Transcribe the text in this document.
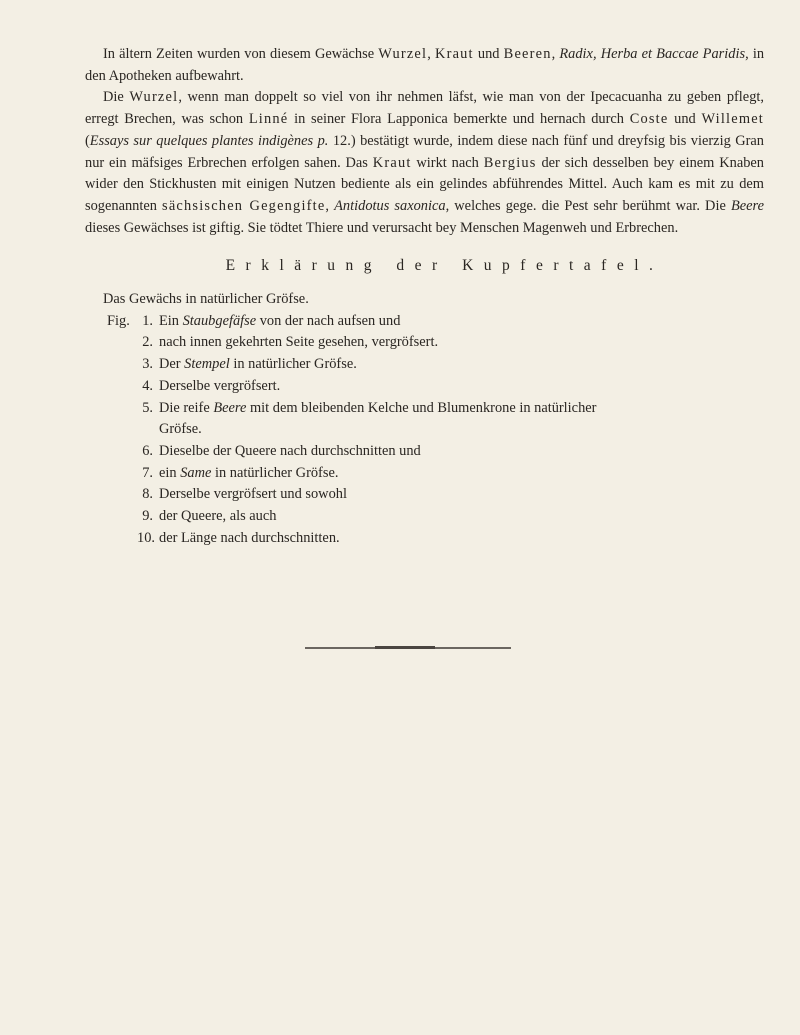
In ältern Zeiten wurden von diesem Gewächse Wurzel, Kraut und Beeren, Radix, Herba et Baccae Paridis, in den Apotheken aufbewahrt.

Die Wurzel, wenn man doppelt so viel von ihr nehmen läfst, wie man von der Ipecacuanha zu geben pflegt, erregt Brechen, was schon Linné in seiner Flora Lapponica bemerkte und hernach durch Coste und Willemet (Essays sur quelques plantes indigènes p. 12.) bestätigt wurde, indem diese nach fünf und dreyfsig bis vierzig Gran nur ein mäfsiges Erbrechen erfolgen sahen. Das Kraut wirkt nach Bergius der sich desselben bey einem Knaben wider den Stickhusten mit einigen Nutzen bediente als ein gelindes abführendes Mittel. Auch kam es mit zu dem sogenannten sächsischen Gegengifte, Antidotus saxonica, welches gege. die Pest sehr berühmt war. Die Beere dieses Gewächses ist giftig. Sie tödtet Thiere und verursacht bey Menschen Magenweh und Erbrechen.

Erklärung der Kupfertafel.

Das Gewächs in natürlicher Gröfse.

Fig. 1. Ein Staubgefäfse von der nach aufsen und
2. nach innen gekehrten Seite gesehen, vergröfsert.
3. Der Stempel in natürlicher Gröfse.
4. Derselbe vergröfsert.
5. Die reife Beere mit dem bleibenden Kelche und Blumenkrone in natürlicher
Gröfse.
6. Dieselbe der Queere nach durchschnitten und
7. ein Same in natürlicher Gröfse.
8. Derselbe vergröfsert und sowohl
9. der Queere, als auch
10. der Länge nach durchschnitten.
